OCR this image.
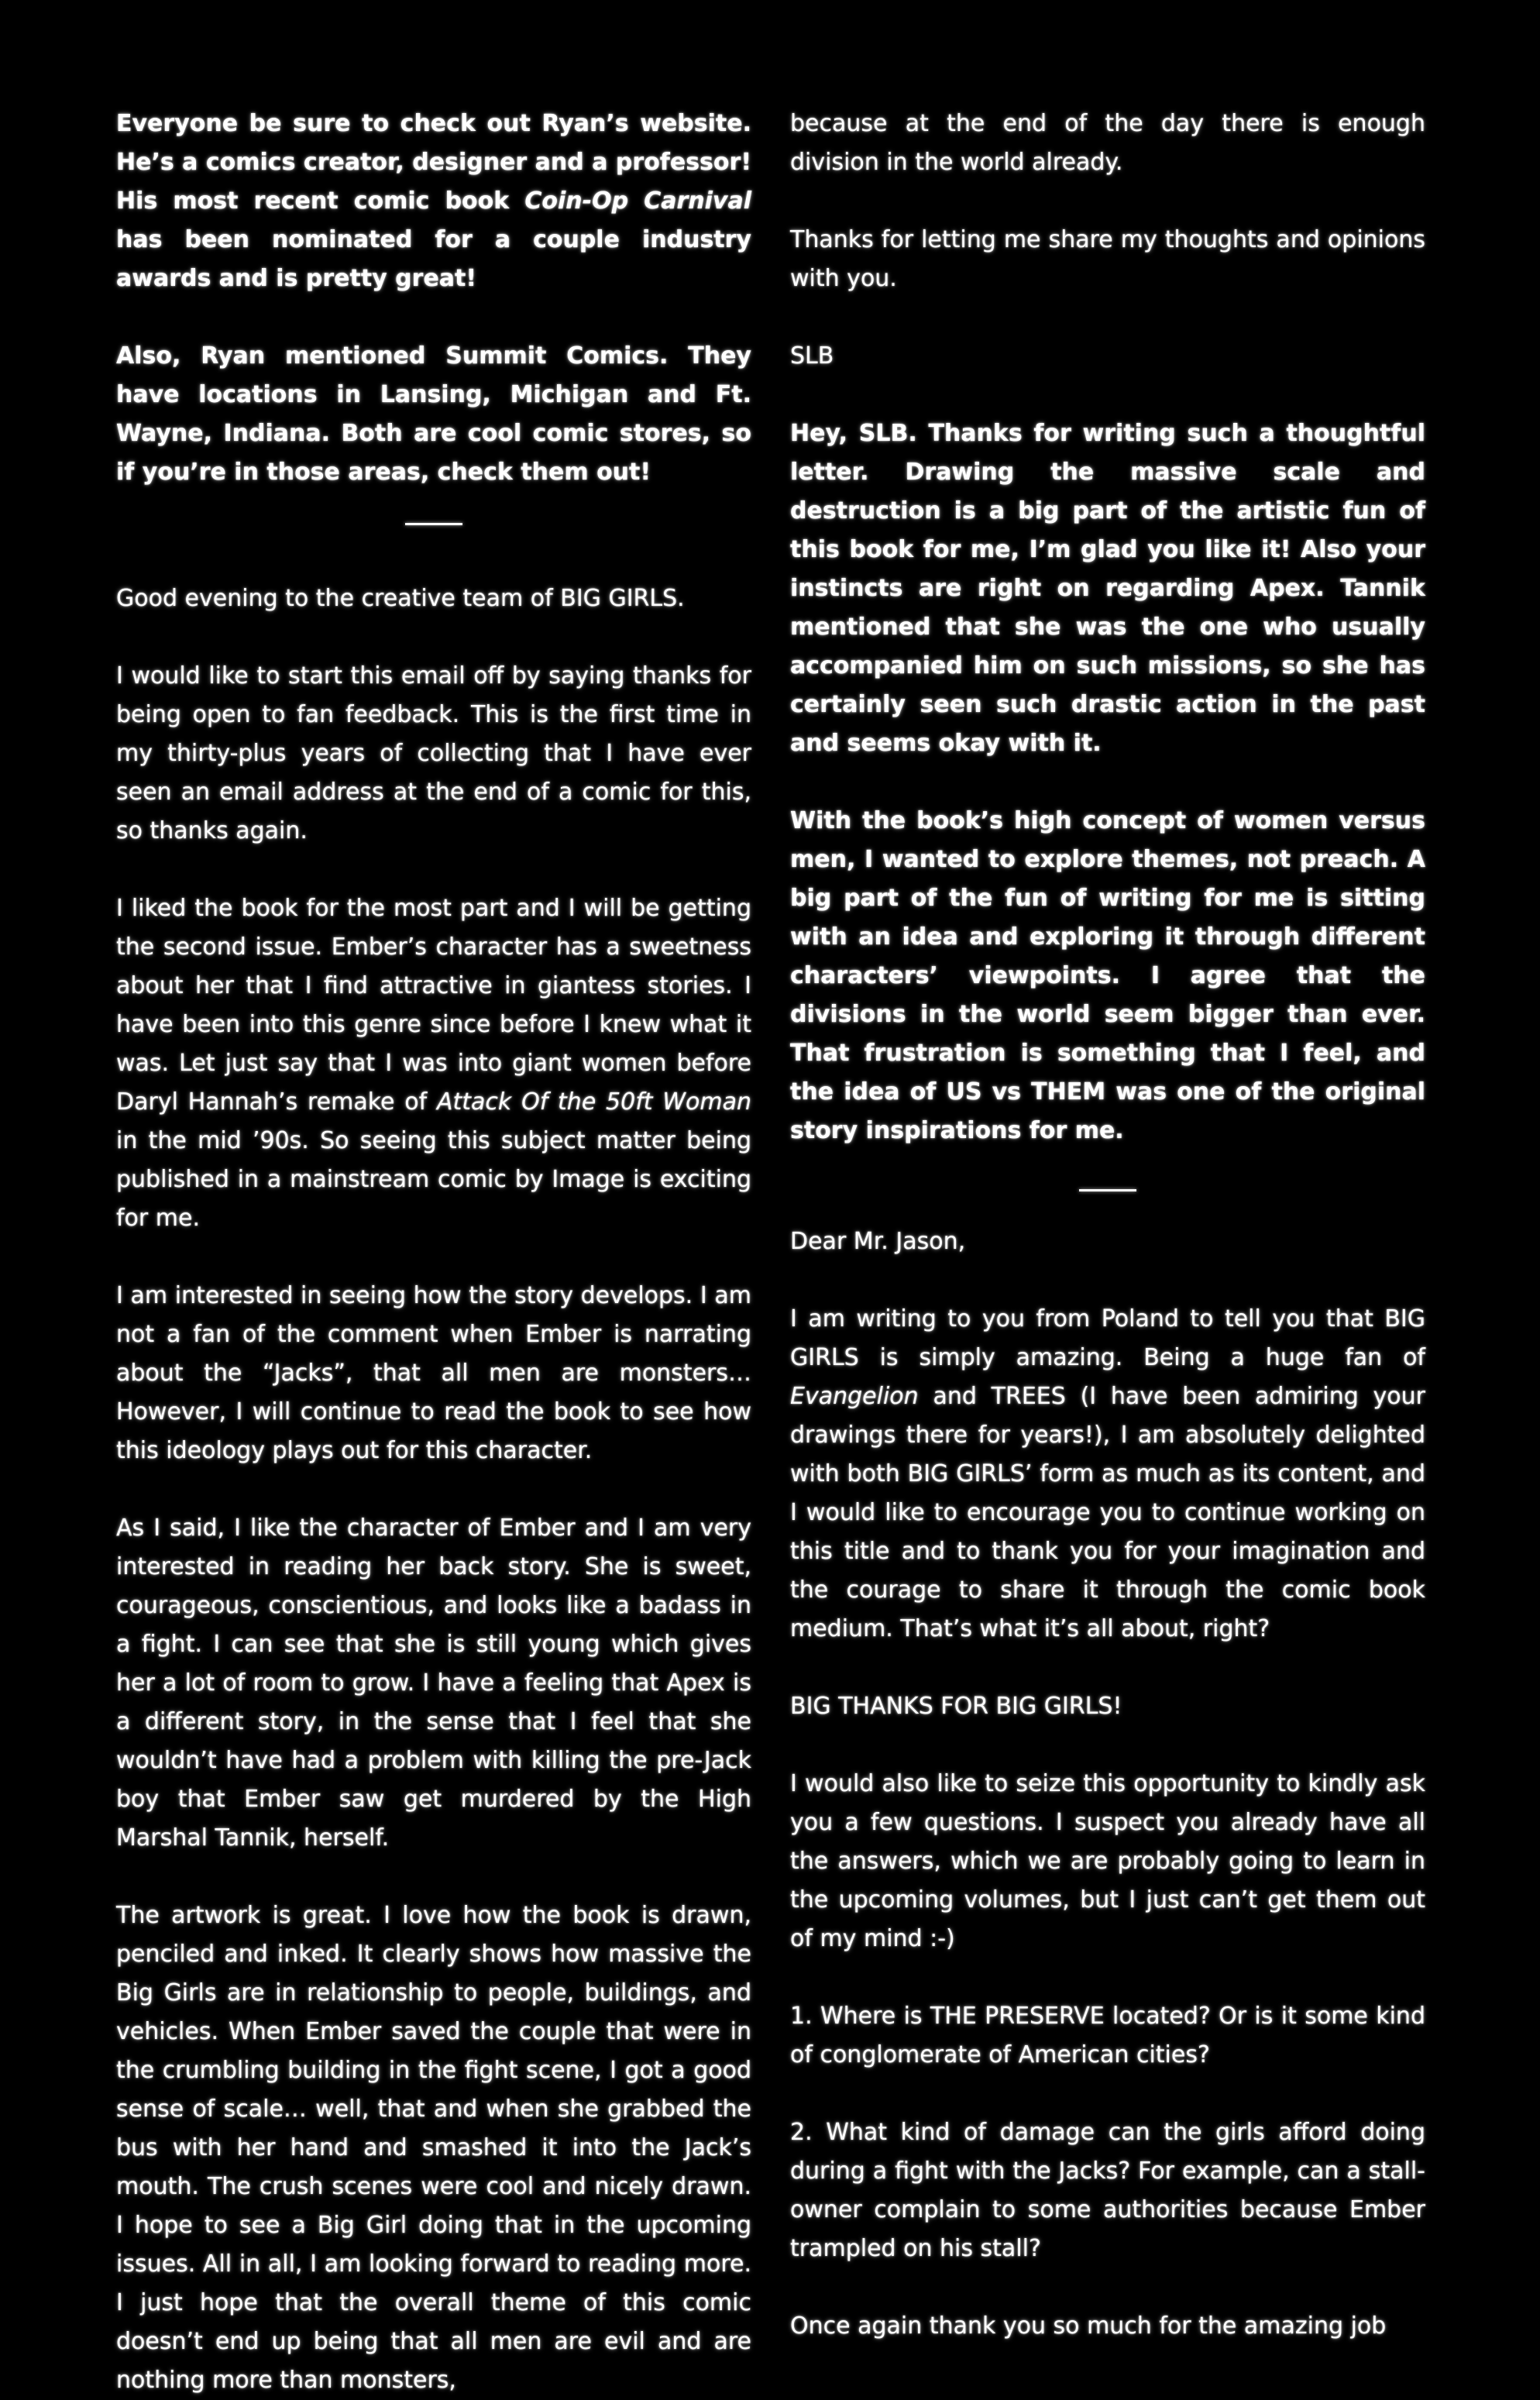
Everyone be sure to check out Ryan’s website. He’s a comics creator, designer and a professor! His most recent comic book Coin-Op Carnival has been nominated for a couple industry awards and is pretty great!

Also, Ryan mentioned Summit Comics. They have locations in Lansing, Michigan and Ft. Wayne, Indiana. Both are cool comic stores, so if you’re in those areas, check them out!

Good evening to the creative team of BIG GIRLS.

I would like to start this email off by saying thanks for being open to fan feedback. This is the first time in my thirty-plus years of collecting that I have ever seen an email address at the end of a comic for this, so thanks again.

I liked the book for the most part and I will be getting the second issue. Ember’s character has a sweetness about her that I find attractive in giantess stories. I have been into this genre since before I knew what it was. Let just say that I was into giant women before Daryl Hannah’s remake of Attack Of the 50ft Woman in the mid ’90s. So seeing this subject matter being published in a mainstream comic by Image is exciting for me.

I am interested in seeing how the story develops. I am not a fan of the comment when Ember is narrating about the “Jacks”, that all men are monsters… However, I will continue to read the book to see how this ideology plays out for this character.

As I said, I like the character of Ember and I am very interested in reading her back story. She is sweet, courageous, conscientious, and looks like a badass in a fight. I can see that she is still young which gives her a lot of room to grow. I have a feeling that Apex is a different story, in the sense that I feel that she wouldn’t have had a problem with killing the pre-Jack boy that Ember saw get murdered by the High Marshal Tannik, herself.

The artwork is great. I love how the book is drawn, penciled and inked. It clearly shows how massive the Big Girls are in relationship to people, buildings, and vehicles. When Ember saved the couple that were in the crumbling building in the fight scene, I got a good sense of scale… well, that and when she grabbed the bus with her hand and smashed it into the Jack’s mouth. The crush scenes were cool and nicely drawn. I hope to see a Big Girl doing that in the upcoming issues. All in all, I am looking forward to reading more. I just hope that the overall theme of this comic doesn’t end up being that all men are evil and are nothing more than monsters,

because at the end of the day there is enough division in the world already.

Thanks for letting me share my thoughts and opinions with you.

SLB

Hey, SLB. Thanks for writing such a thoughtful letter. Drawing the massive scale and destruction is a big part of the artistic fun of this book for me, I’m glad you like it! Also your instincts are right on regarding Apex. Tannik mentioned that she was the one who usually accompanied him on such missions, so she has certainly seen such drastic action in the past and seems okay with it.

With the book’s high concept of women versus men, I wanted to explore themes, not preach. A big part of the fun of writing for me is sitting with an idea and exploring it through different characters’ viewpoints. I agree that the divisions in the world seem bigger than ever. That frustration is something that I feel, and the idea of US vs THEM was one of the original story inspirations for me.

Dear Mr. Jason,

I am writing to you from Poland to tell you that BIG GIRLS is simply amazing. Being a huge fan of Evangelion and TREES (I have been admiring your drawings there for years!), I am absolutely delighted with both BIG GIRLS’ form as much as its content, and I would like to encourage you to continue working on this title and to thank you for your imagination and the courage to share it through the comic book medium. That’s what it’s all about, right?

BIG THANKS FOR BIG GIRLS!

I would also like to seize this opportunity to kindly ask you a few questions. I suspect you already have all the answers, which we are probably going to learn in the upcoming volumes, but I just can’t get them out of my mind :-)

1. Where is THE PRESERVE located? Or is it some kind of conglomerate of American cities?

2. What kind of damage can the girls afford doing during a fight with the Jacks? For example, can a stall-owner complain to some authorities because Ember trampled on his stall?

Once again thank you so much for the amazing job
